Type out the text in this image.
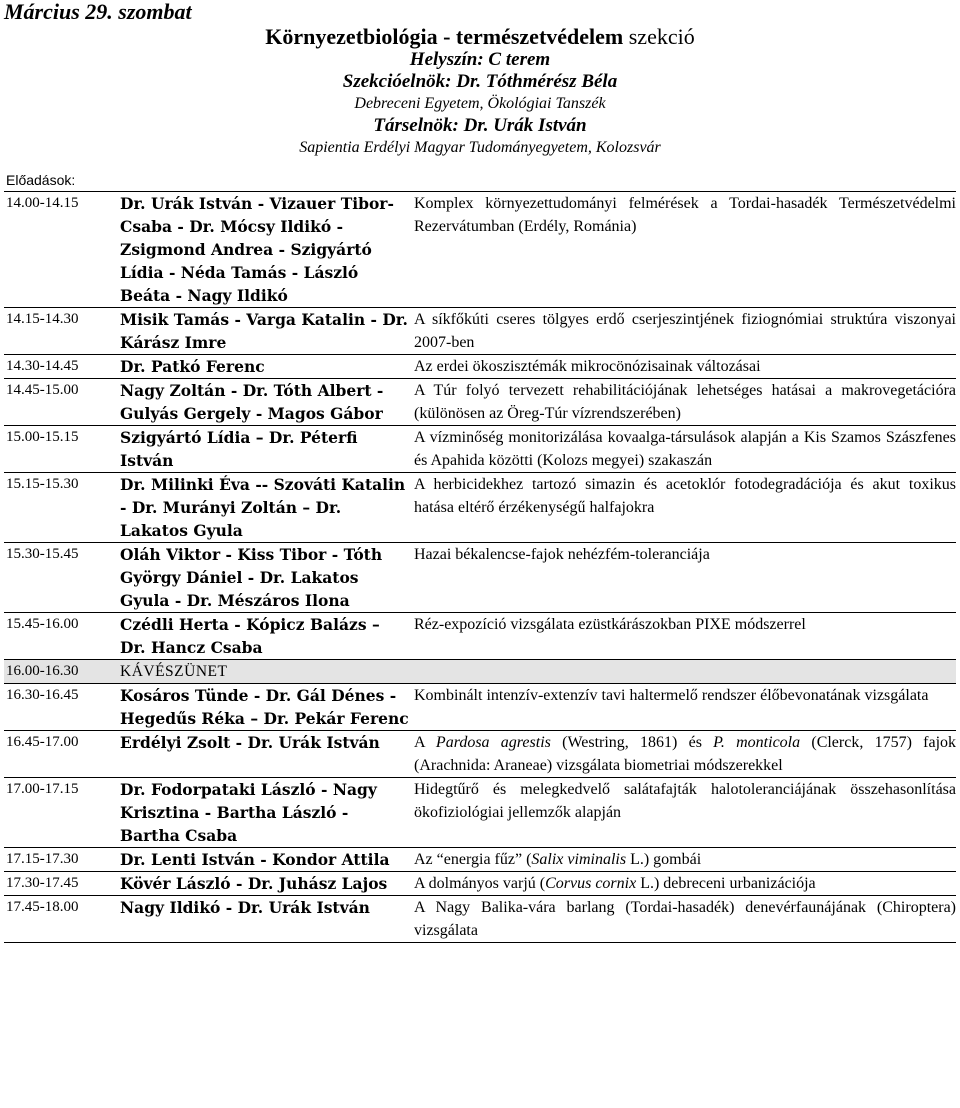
Március 29. szombat
Környezetbiológia - természetvédelem szekció
Helyszín: C terem
Szekcióelnök: Dr. Tóthmérész Béla
Debreceni Egyetem, Ökológiai Tanszék
Társelnök: Dr. Urák István
Sapientia Erdélyi Magyar Tudományegyetem, Kolozsvár
Előadások:
14.00-14.15	Dr. Urák István - Vizauer Tibor-Csaba - Dr. Mócsy Ildikó - Zsigmond Andrea - Szigyártó Lídia - Néda Tamás - László Beáta - Nagy Ildikó	Komplex környezettudományi felmérések a Tordai-hasadék Természetvédelmi Rezervátumban (Erdély, Románia)
14.15-14.30	Misik Tamás - Varga Katalin - Dr. Kárász Imre	A síkfőkúti cseres tölgyes erdő cserjeszintjének fiziognómiai struktúra viszonyai 2007-ben
14.30-14.45	Dr. Patkó Ferenc	Az erdei ökoszisztémák mikrocönózisainak változásai
14.45-15.00	Nagy Zoltán - Dr. Tóth Albert - Gulyás Gergely - Magos Gábor	A Túr folyó tervezett rehabilitációjának lehetséges hatásai a makrovegetációra (különösen az Öreg-Túr vízrendszerében)
15.00-15.15	Szigyártó Lídia – Dr. Péterfi István	A vízminőség monitorizálása kovaalga-társulások alapján a Kis Szamos Szászfenes és Apahida közötti (Kolozs megyei) szakaszán
15.15-15.30	Dr. Milinki Éva -- Szováti Katalin - Dr. Murányi Zoltán – Dr. Lakatos Gyula	A herbicidekhez tartozó simazin és acetoklór fotodegradációja és akut toxikus hatása eltérő érzékenységű halfajokra
15.30-15.45	Oláh Viktor - Kiss Tibor - Tóth György Dániel - Dr. Lakatos Gyula - Dr. Mészáros Ilona	Hazai békalencse-fajok nehézfém-toleranciája
15.45-16.00	Czédli Herta - Kópicz Balázs – Dr. Hancz Csaba	Réz-expozíció vizsgálata ezüstkárászokban PIXE módszerrel
16.00-16.30	KÁVÉSZÜNET	
16.30-16.45	Kosáros Tünde - Dr. Gál Dénes - Hegedűs Réka – Dr. Pekár Ferenc	Kombinált intenzív-extenzív tavi haltermelő rendszer élőbevonatának vizsgálata
16.45-17.00	Erdélyi Zsolt - Dr. Urák István	A Pardosa agrestis (Westring, 1861) és P. monticola (Clerck, 1757) fajok (Arachnida: Araneae) vizsgálata biometriai módszerekkel
17.00-17.15	Dr. Fodorpataki László - Nagy Krisztina - Bartha László - Bartha Csaba	Hidegtűrő és melegkedvelő salátafajták halotoleranciájának összehasonlítása ökofiziológiai jellemzők alapján
17.15-17.30	Dr. Lenti István - Kondor Attila	Az “energia fűz” (Salix viminalis L.) gombái
17.30-17.45	Kövér László - Dr. Juhász Lajos	A dolmányos varjú (Corvus cornix L.) debreceni urbanizációja
17.45-18.00	Nagy Ildikó - Dr. Urák István	A Nagy Balika-vára barlang (Tordai-hasadék) denevérfaunájának (Chiroptera) vizsgálata
